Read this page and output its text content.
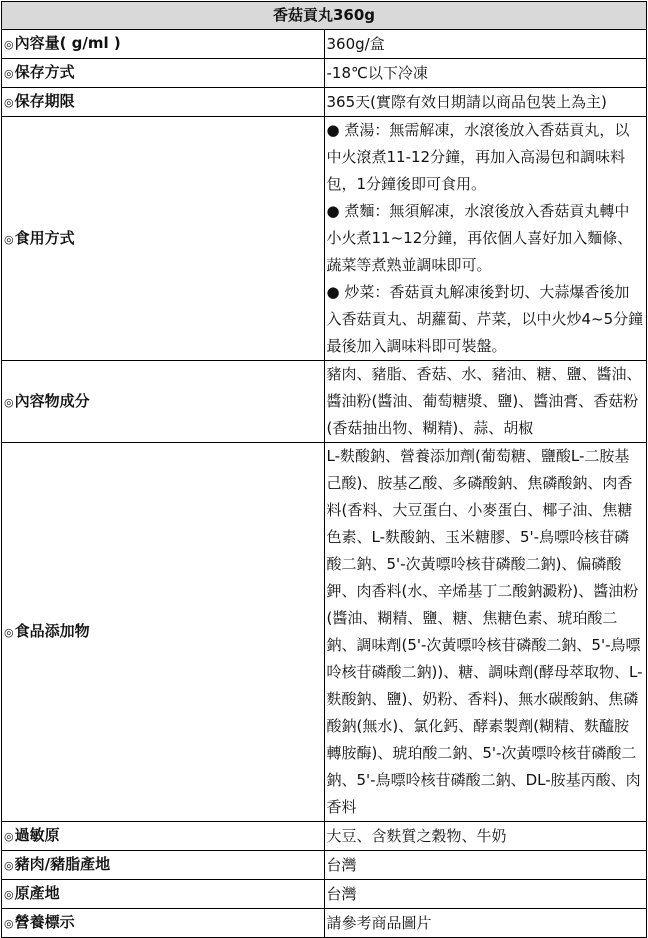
香菇貢丸360g	
◎內容量( g/ml )	360g/盒
◎保存方式	-18℃以下冷凍
◎保存期限	365天(實際有效日期請以商品包裝上為主)
◎食用方式	● 煮湯：無需解凍，水滾後放入香菇貢丸，以中火滾煮11-12分鐘，再加入高湯包和調味料包，1分鐘後即可食用。
● 煮麵：無須解凍，水滾後放入香菇貢丸轉中小火煮11~12分鐘，再依個人喜好加入麵條、蔬菜等煮熟並調味即可。
● 炒菜：香菇貢丸解凍後對切、大蒜爆香後加入香菇貢丸、胡蘿蔔、芹菜，以中火炒4~5分鐘最後加入調味料即可裝盤。

◎內容物成分	豬肉、豬脂、香菇、水、豬油、糖、鹽、醬油、醬油粉(醬油、葡萄糖漿、鹽)、醬油膏、香菇粉(香菇抽出物、糊精)、蒜、胡椒
◎食品添加物	L-麩酸鈉、營養添加劑(葡萄糖、鹽酸L-二胺基己酸)、胺基乙酸、多磷酸鈉、焦磷酸鈉、肉香料(香料、大豆蛋白、小麥蛋白、椰子油、焦糖色素、L-麩酸鈉、玉米糖膠、5'-鳥嘌呤核苷磷酸二鈉、5'-次黃嘌呤核苷磷酸二鈉)、偏磷酸鉀、肉香料(水、辛烯基丁二酸鈉澱粉)、醬油粉(醬油、糊精、鹽、糖、焦糖色素、琥珀酸二鈉、調味劑(5'-次黃嘌呤核苷磷酸二鈉、5'-鳥嘌呤核苷磷酸二鈉))、糖、調味劑(酵母萃取物、L-麩酸鈉、鹽)、奶粉、香料)、無水碳酸鈉、焦磷酸鈉(無水)、氯化鈣、酵素製劑(糊精、麩醯胺轉胺酶)、琥珀酸二鈉、5'-次黃嘌呤核苷磷酸二鈉、5'-鳥嘌呤核苷磷酸二鈉、DL-胺基丙酸、肉香料
◎過敏原	大豆、含麩質之穀物、牛奶
◎豬肉/豬脂產地	台灣
◎原產地	台灣
◎營養標示	請參考商品圖片
